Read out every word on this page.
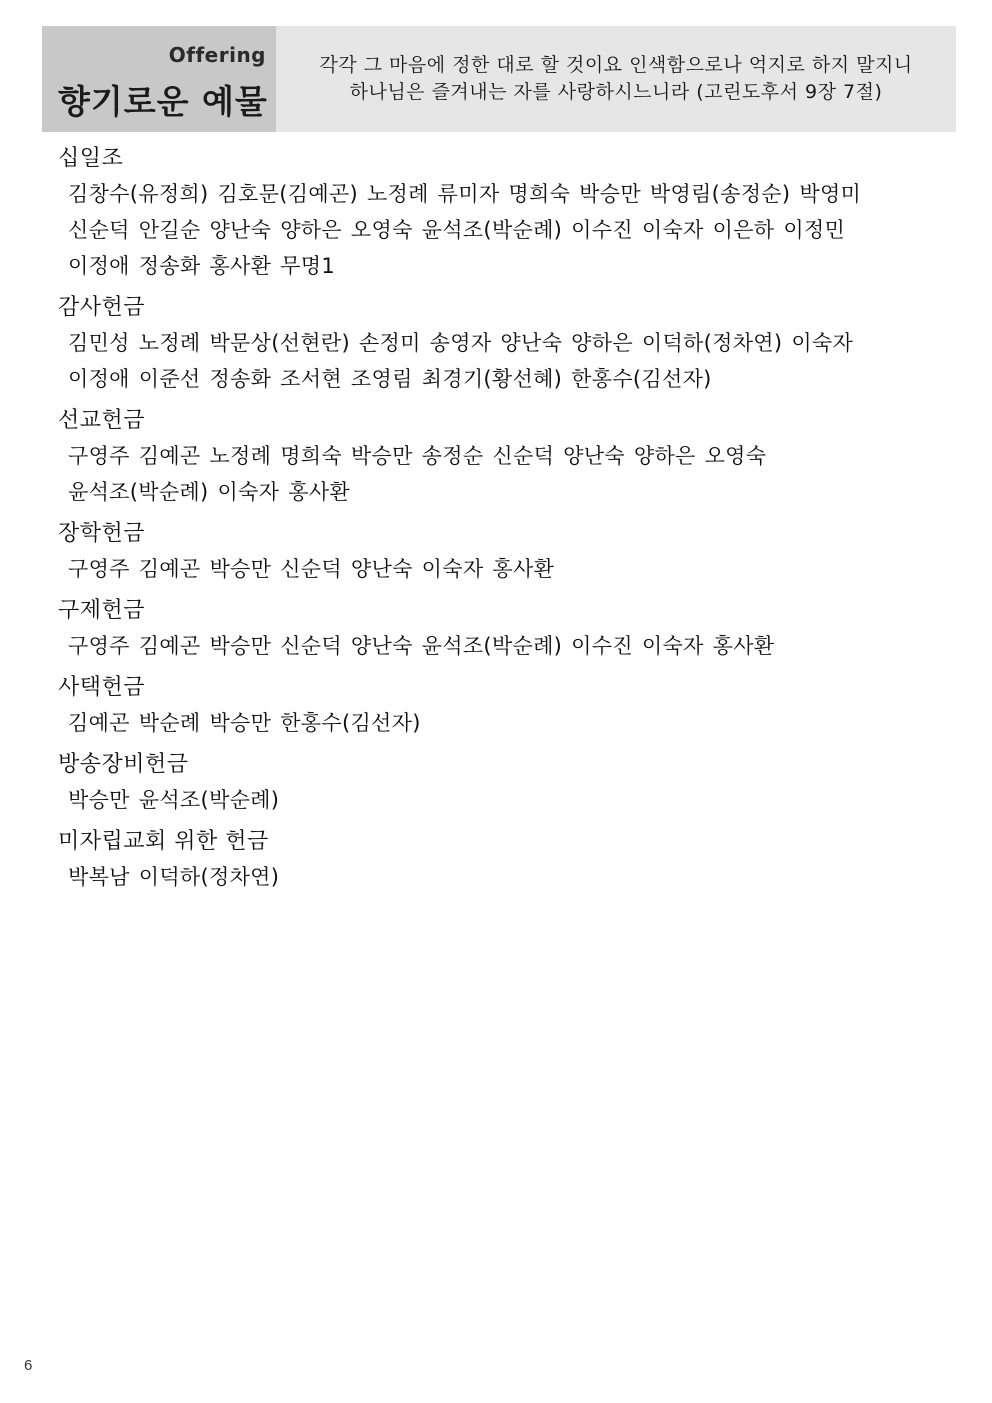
Offering
향기로운 예물
각각 그 마음에 정한 대로 할 것이요 인색함으로나 억지로 하지 말지니
하나님은 즐겨내는 자를 사랑하시느니라 (고린도후서 9장 7절)
십일조
김창수(유정희) 김호문(김예곤) 노정례 류미자 명희숙 박승만 박영림(송정순) 박영미
신순덕 안길순 양난숙 양하은 오영숙 윤석조(박순례) 이수진 이숙자 이은하 이정민
이정애 정송화 홍사환 무명1
감사헌금
김민성 노정례 박문상(선현란) 손정미 송영자 양난숙 양하은 이덕하(정차연) 이숙자
이정애 이준선 정송화 조서현 조영림 최경기(황선혜) 한홍수(김선자)
선교헌금
구영주 김예곤 노정례 명희숙 박승만 송정순 신순덕 양난숙 양하은 오영숙
윤석조(박순례) 이숙자 홍사환
장학헌금
구영주 김예곤 박승만 신순덕 양난숙 이숙자 홍사환
구제헌금
구영주 김예곤 박승만 신순덕 양난숙 윤석조(박순례) 이수진 이숙자 홍사환
사택헌금
김예곤 박순례 박승만 한홍수(김선자)
방송장비헌금
박승만 윤석조(박순례)
미자립교회 위한 헌금
박복남 이덕하(정차연)
6
